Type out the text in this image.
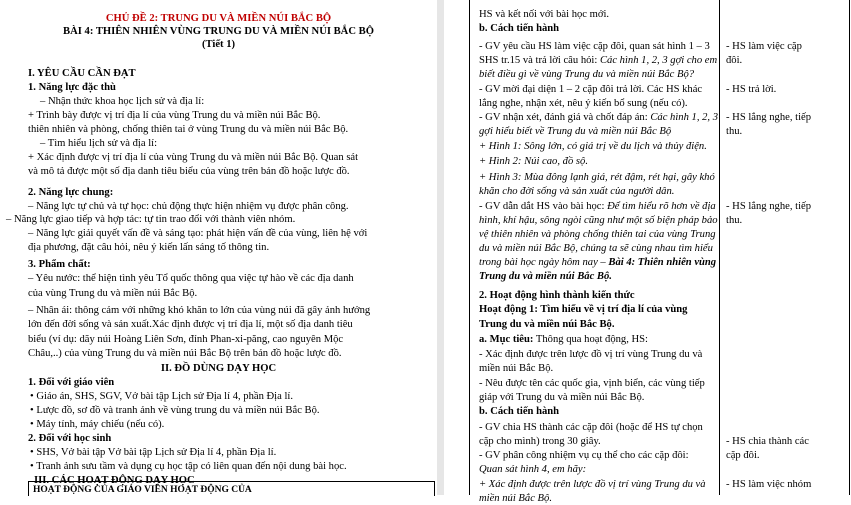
CHỦ ĐỀ 2: TRUNG DU VÀ MIỀN NÚI BẮC BỘ
BÀI 4: THIÊN NHIÊN VÙNG TRUNG DU VÀ MIỀN NÚI BẮC BỘ
(Tiết 1)
I. YÊU CẦU CẦN ĐẠT
1. Năng lực đặc thù
– Nhận thức khoa học lịch sử và địa lí:
+ Trình bày được vị trí địa lí của vùng Trung du và miền núi Bắc Bộ.
thiên nhiên và phòng, chống thiên tai ở vùng Trung du và miền núi Bắc Bộ.
– Tìm hiểu lịch sử và địa lí:
+ Xác định được vị trí địa lí của vùng Trung du và miền núi Bắc Bộ. Quan sát
và mô tả được một số địa danh tiêu biểu của vùng trên bản đồ hoặc lược đồ.
2. Năng lực chung:
– Năng lực tự chủ và tự học: chủ động thực hiện nhiệm vụ được phân công.
– Năng lực giao tiếp và hợp tác: tự tin trao đổi với thành viên nhóm.
– Năng lực giải quyết vấn đề và sáng tạo: phát hiện vấn đề của vùng, liên hệ với
địa phương, đặt câu hỏi, nêu ý kiến lấn sáng tố thông tin.
3. Phẩm chất:
– Yêu nước: thể hiện tình yêu Tổ quốc thông qua việc tự hào về các địa danh
của vùng Trung du và miền núi Bắc Bộ.
– Nhân ái: thông cảm với những khó khăn to lớn của vùng núi đã gây ảnh hưởng
lớn đến đời sống và sản xuất.Xác định được vị trí địa lí, một số địa danh tiêu
biểu (ví dụ: dãy núi Hoàng Liên Sơn, đỉnh Phan-xi-păng, cao nguyên Mộc
Châu,..) của vùng Trung du và miền núi Bắc Bộ trên bản đồ hoặc lược đồ.
II. ĐỒ DÙNG DẠY HỌC
1. Đối với giáo viên
• Giáo án, SHS, SGV, Vở bài tập Lịch sử Địa lí 4, phần Địa lí.
• Lược đồ, sơ đồ và tranh ảnh về vùng trung du và miền núi Bắc Bộ.
• Máy tính, máy chiếu (nếu có).
2. Đối với học sinh
• SHS, Vở bài tập Vở bài tập Lịch sử Địa lí 4, phần Địa lí.
• Tranh ảnh sưu tầm và dụng cụ học tập có liên quan đến nội dung bài học.
III. CÁC HOẠT ĐỘNG DẠY HỌC
HOẠT ĐỘNG CỦA GIÁO VIÊN HOẠT ĐỘNG CỦA
HS và kết nối với bài học mới.
b. Cách tiến hành
- GV yêu cầu HS làm việc cặp đôi, quan sát hình 1 – 3
SHS tr.15 và trả lời câu hỏi: Các hình 1, 2, 3 gợi cho em
biết điều gì về vùng Trung du và miền núi Bắc Bộ?
- GV mời đại diện 1 – 2 cặp đôi trả lời. Các HS khác
lắng nghe, nhận xét, nêu ý kiến bổ sung (nếu có).
- GV nhận xét, đánh giá và chốt đáp án: Các hình 1, 2, 3
gợi hiểu biết về Trung du và miền núi Bắc Bộ
+ Hình 1: Sông lớn, có giá trị về du lịch và thủy điện.
+ Hình 2: Núi cao, đồ sộ.
+ Hình 3: Mùa đông lạnh giá, rét đậm, rét hại, gây khó
khăn cho đời sống và sản xuất của người dân.
- GV dẫn dắt HS vào bài học: Để tìm hiểu rõ hơn về địa
hình, khí hậu, sông ngòi cũng như một số biện pháp bảo
vệ thiên nhiên và phòng chống thiên tai của vùng Trung
du và miền núi Bắc Bộ, chúng ta sẽ cùng nhau tìm hiểu
trong bài học ngày hôm nay – Bài 4: Thiên nhiên vùng
Trung du và miền núi Bắc Bộ.
2. Hoạt động hình thành kiến thức
Hoạt động 1: Tìm hiểu về vị trí địa lí của vùng
Trung du và miền núi Bắc Bộ.
a. Mục tiêu: Thông qua hoạt động, HS:
- Xác định được trên lược đồ vị trí vùng Trung du và
miền núi Bắc Bộ.
- Nêu được tên các quốc gia, vịnh biển, các vùng tiếp
giáp với Trung du và miền núi Bắc Bộ.
b. Cách tiến hành
- GV chia HS thành các cặp đôi (hoặc để HS tự chọn
cặp cho mình) trong 30 giây.
- GV phân công nhiệm vụ cụ thể cho các cặp đôi:
Quan sát hình 4, em hãy:
+ Xác định được trên lược đồ vị trí vùng Trung du và
miền núi Bắc Bộ.
- HS làm việc cặp
đôi.
- HS trả lời.
- HS lắng nghe, tiếp
thu.
- HS lắng nghe, tiếp
thu.
- HS chia thành các
cặp đôi.
- HS làm việc nhóm
